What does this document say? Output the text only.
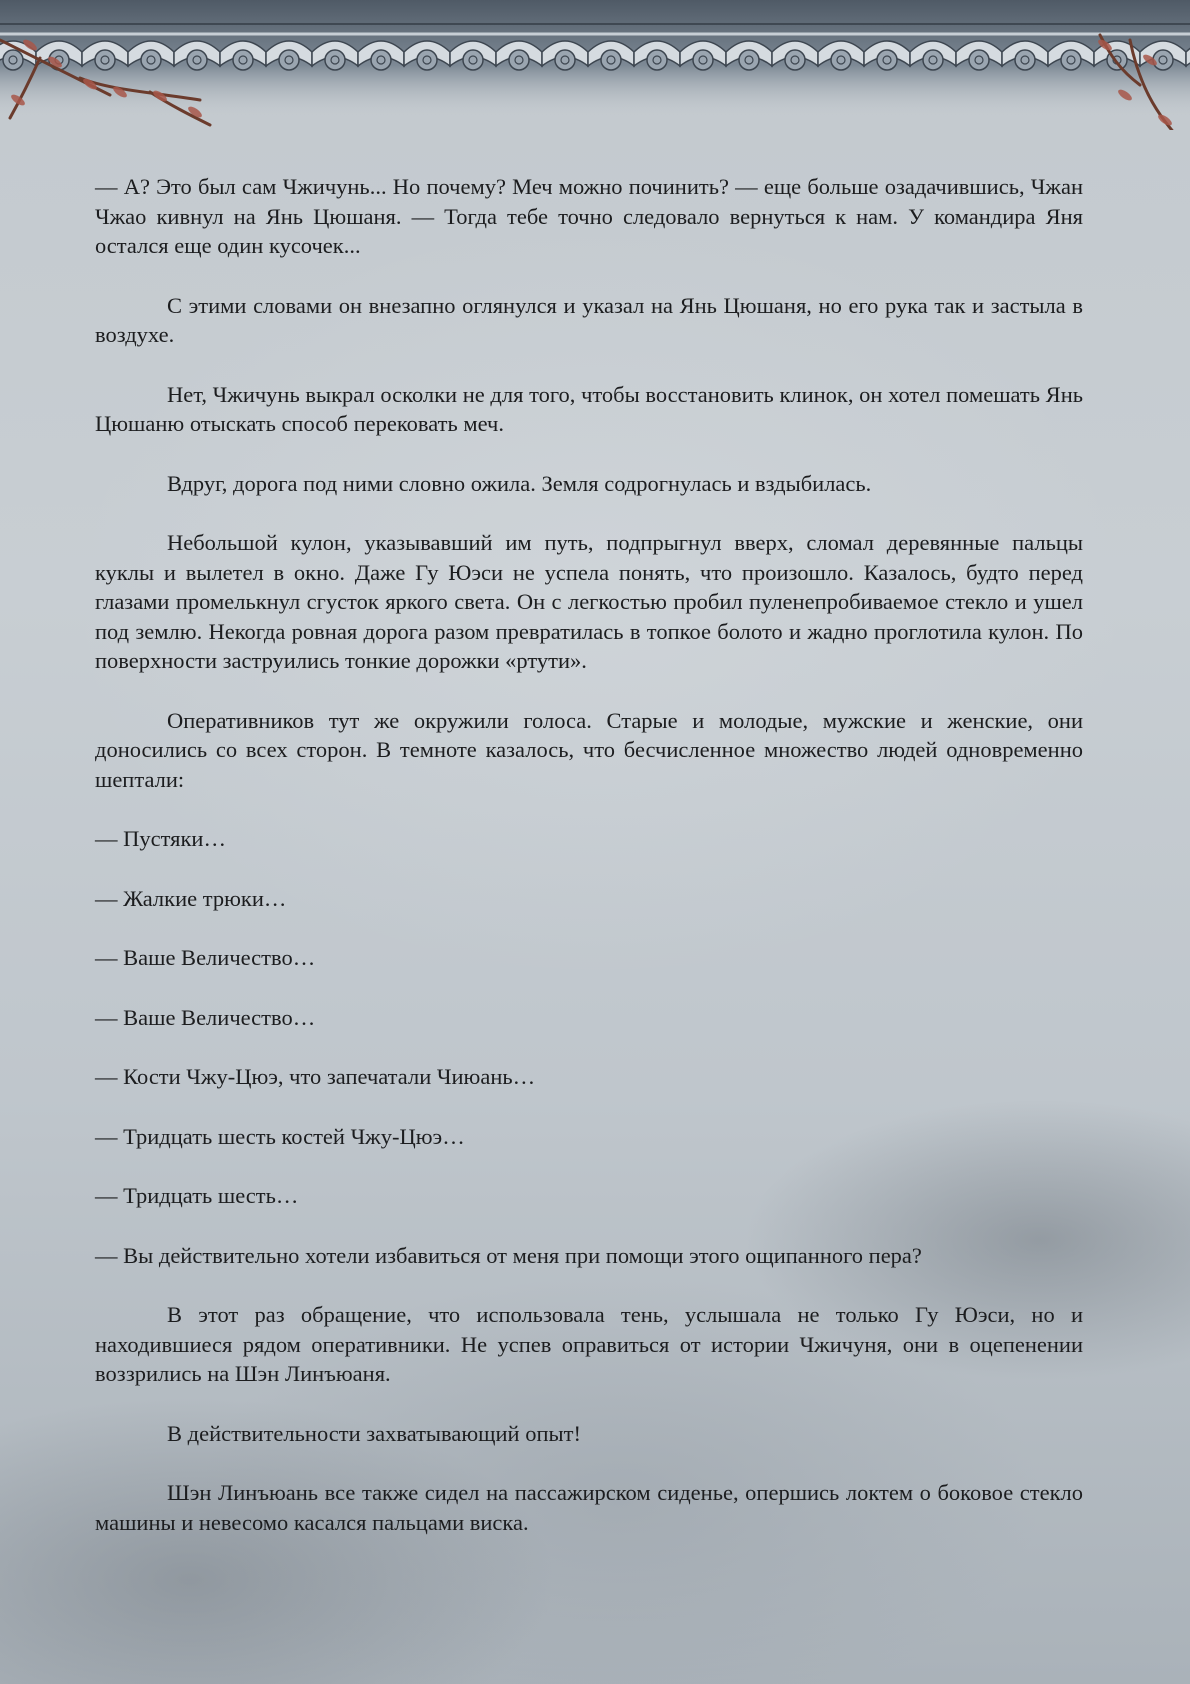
— А? Это был сам Чжичунь... Но почему? Меч можно починить? — еще больше озадачившись, Чжан Чжао кивнул на Янь Цюшаня. — Тогда тебе точно следовало вернуться к нам. У командира Яня остался еще один кусочек...

С этими словами он внезапно оглянулся и указал на Янь Цюшаня, но его рука так и застыла в воздухе.

Нет, Чжичунь выкрал осколки не для того, чтобы восстановить клинок, он хотел помешать Янь Цюшаню отыскать способ перековать меч.

Вдруг, дорога под ними словно ожила. Земля содрогнулась и вздыбилась.

Небольшой кулон, указывавший им путь, подпрыгнул вверх, сломал деревянные пальцы куклы и вылетел в окно. Даже Гу Юэси не успела понять, что произошло. Казалось, будто перед глазами промелькнул сгусток яркого света. Он с легкостью пробил пуленепробиваемое стекло и ушел под землю. Некогда ровная дорога разом превратилась в топкое болото и жадно проглотила кулон. По поверхности заструились тонкие дорожки «ртути».

Оперативников тут же окружили голоса. Старые и молодые, мужские и женские, они доносились со всех сторон. В темноте казалось, что бесчисленное множество людей одновременно шептали:

— Пустяки…

— Жалкие трюки…

— Ваше Величество…

— Ваше Величество…

— Кости Чжу-Цюэ, что запечатали Чиюань…

— Тридцать шесть костей Чжу-Цюэ…

— Тридцать шесть…

— Вы действительно хотели избавиться от меня при помощи этого ощипанного пера?

В этот раз обращение, что использовала тень, услышала не только Гу Юэси, но и находившиеся рядом оперативники. Не успев оправиться от истории Чжичуня, они в оцепенении воззрились на Шэн Линъюаня.

В действительности захватывающий опыт!

Шэн Линъюань все также сидел на пассажирском сиденье, опершись локтем о боковое стекло машины и невесомо касался пальцами виска.
